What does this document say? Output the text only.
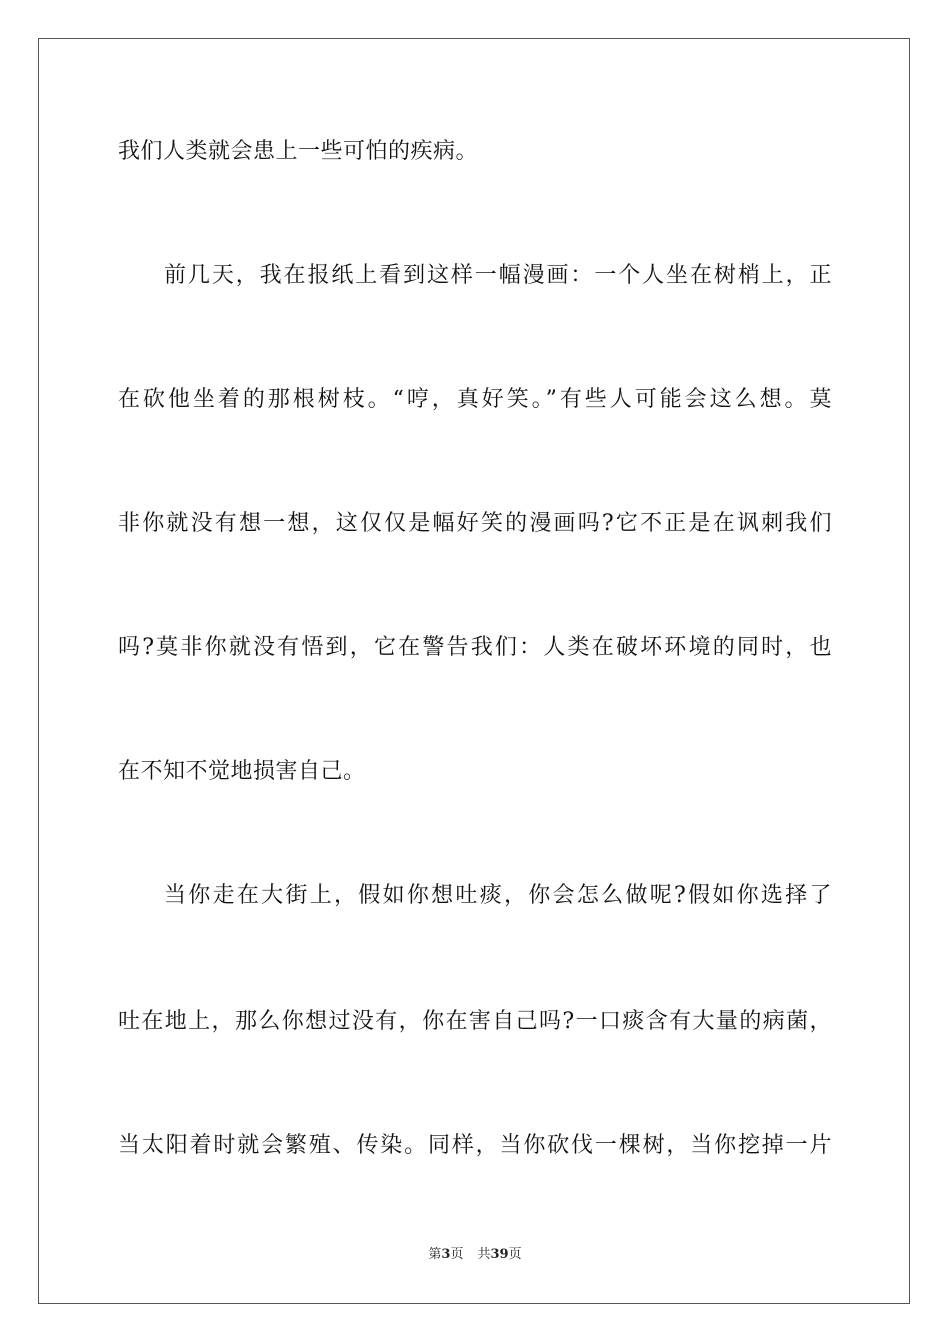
我们人类就会患上一些可怕的疾病。
前几天，我在报纸上看到这样一幅漫画：一个人坐在树梢上，正
在砍他坐着的那根树枝。“哼，真好笑。”有些人可能会这么想。莫
非你就没有想一想，这仅仅是幅好笑的漫画吗?它不正是在讽刺我们
吗?莫非你就没有悟到，它在警告我们：人类在破坏环境的同时，也
在不知不觉地损害自己。
当你走在大街上，假如你想吐痰，你会怎么做呢?假如你选择了
吐在地上，那么你想过没有，你在害自己吗?一口痰含有大量的病菌，
当太阳着时就会繁殖、传染。同样，当你砍伐一棵树，当你挖掉一片
第3页 共39页
